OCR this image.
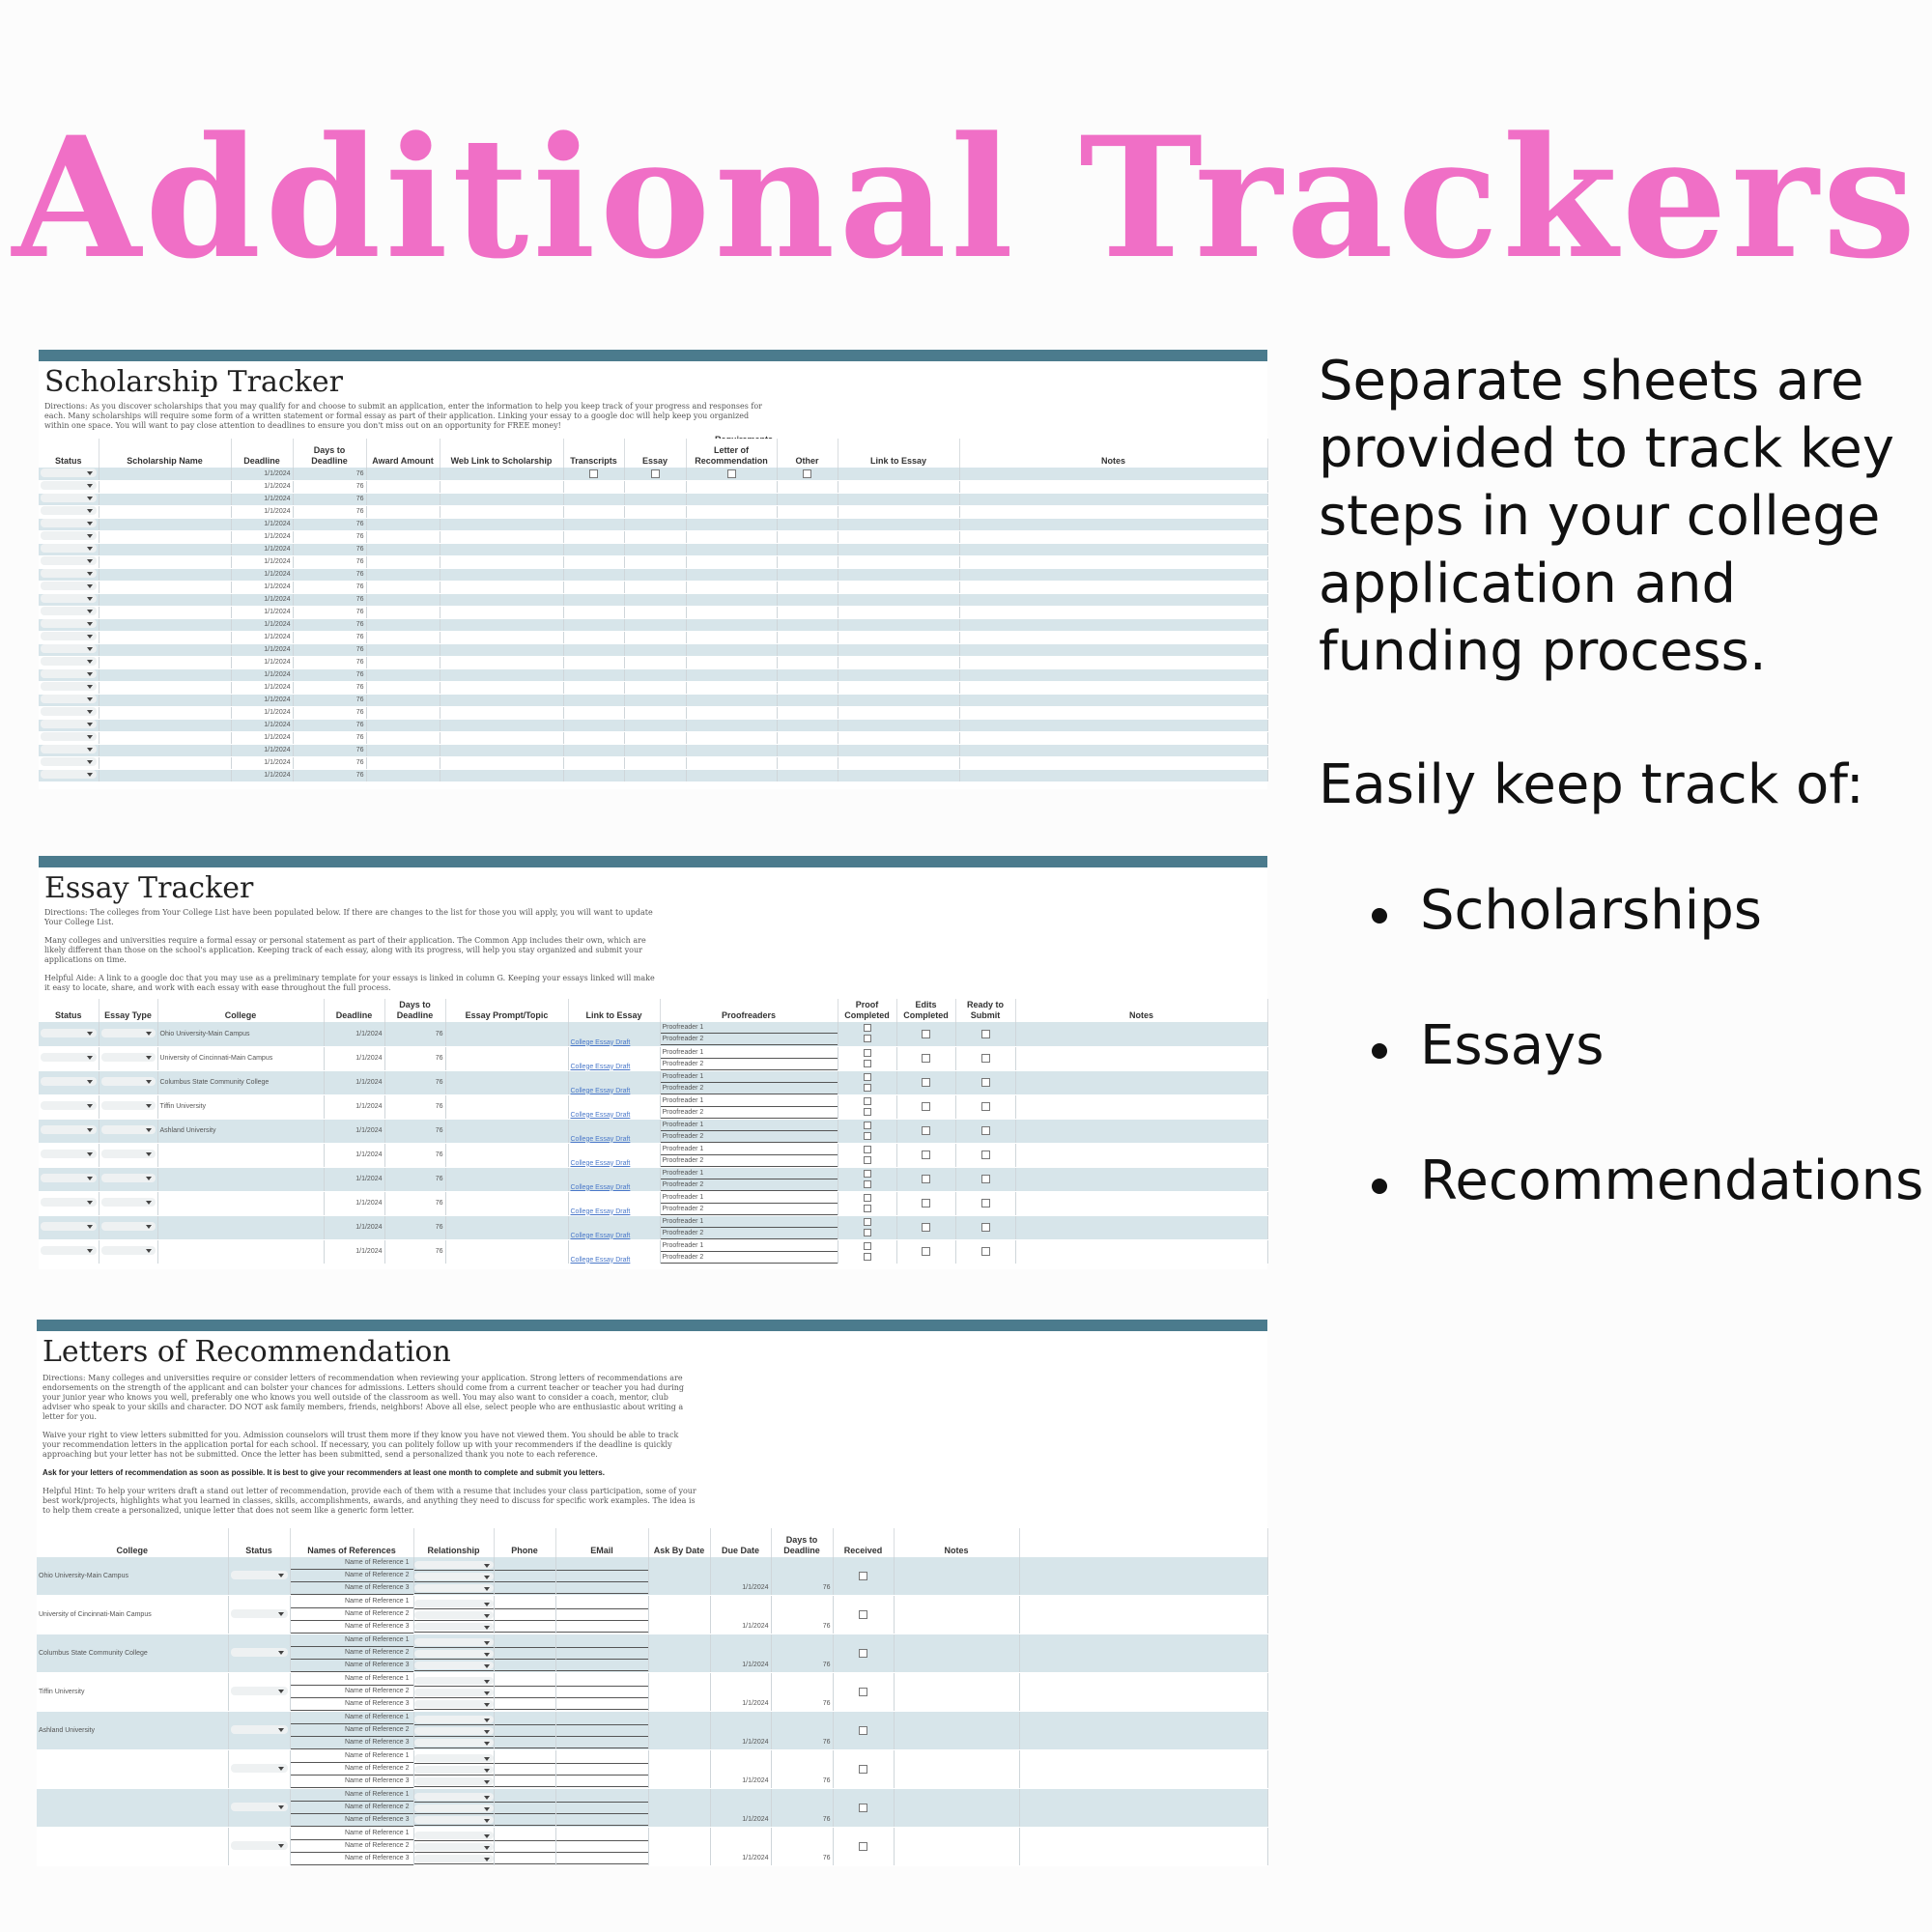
Additional Trackers
Scholarship Tracker
Directions: As you discover scholarships that you may qualify for and choose to submit an application, enter the information to help you keep track of your progress and responses for each. Many scholarships will require some form of a written statement or formal essay as part of their application. Linking your essay to a google doc will help keep you organized within one space. You will want to pay close attention to deadlines to ensure you don't miss out on an opportunity for FREE money!
Status	Scholarship Name	Deadline	Days to Deadline	Award Amount	Web Link to Scholarship	Transcripts	Essay	Letter of Recommendation	Other	Link to Essay	Notes
		1/1/2024	76								
		1/1/2024	76								
		1/1/2024	76								
		1/1/2024	76								
		1/1/2024	76								
		1/1/2024	76								
		1/1/2024	76								
		1/1/2024	76								
		1/1/2024	76								
		1/1/2024	76								
		1/1/2024	76								
		1/1/2024	76								
		1/1/2024	76								
		1/1/2024	76								
		1/1/2024	76								
		1/1/2024	76								
		1/1/2024	76								
		1/1/2024	76								
		1/1/2024	76								
		1/1/2024	76								
		1/1/2024	76								
		1/1/2024	76								
		1/1/2024	76								
		1/1/2024	76								
		1/1/2024	76								
Essay Tracker

Directions: The colleges from Your College List have been populated below. If there are changes to the list for those you will apply, you will want to update Your College List.

Many colleges and universities require a formal essay or personal statement as part of their application. The Common App includes their own, which are likely different than those on the school's application. Keeping track of each essay, along with its progress, will help you stay organized and submit your applications on time.

Helpful Aide: A link to a google doc that you may use as a preliminary template for your essays is linked in column G. Keeping your essays linked will make it easy to locate, share, and work with each essay with ease throughout the full process.

Status	Essay Type	College	Deadline	Days to Deadline	Essay Prompt/Topic	Link to Essay	Proofreaders	Proof Completed	Edits Completed	Ready to Submit	Notes
		Ohio University-Main Campus	1/1/2024	76		College Essay Draft	Proofreader 1
Proofreader 2				

		University of Cincinnati-Main Campus	1/1/2024	76		College Essay Draft	Proofreader 1
Proofreader 2				

		Columbus State Community College	1/1/2024	76		College Essay Draft	Proofreader 1
Proofreader 2				

		Tiffin University	1/1/2024	76		College Essay Draft	Proofreader 1
Proofreader 2				

		Ashland University	1/1/2024	76		College Essay Draft	Proofreader 1
Proofreader 2				

			1/1/2024	76		College Essay Draft	Proofreader 1
Proofreader 2				

			1/1/2024	76		College Essay Draft	Proofreader 1
Proofreader 2				

			1/1/2024	76		College Essay Draft	Proofreader 1
Proofreader 2				

			1/1/2024	76		College Essay Draft	Proofreader 1
Proofreader 2				

			1/1/2024	76		College Essay Draft	Proofreader 1
Proofreader 2				

Letters of Recommendation

Directions: Many colleges and universities require or consider letters of recommendation when reviewing your application. Strong letters of recommendations are endorsements on the strength of the applicant and can bolster your chances for admissions. Letters should come from a current teacher or teacher you had during your junior year who knows you well, preferably one who knows you well outside of the classroom as well. You may also want to consider a coach, mentor, club adviser who speak to your skills and character. DO NOT ask family members, friends, neighbors! Above all else, select people who are enthusiastic about writing a letter for you.

Waive your right to view letters submitted for you. Admission counselors will trust them more if they know you have not viewed them. You should be able to track your recommendation letters in the application portal for each school. If necessary, you can politely follow up with your recommenders if the deadline is quickly approaching but your letter has not be submitted. Once the letter has been submitted, send a personalized thank you note to each reference.

Ask for your letters of recommendation as soon as possible. It is best to give your recommenders at least one month to complete and submit you letters.

Helpful Hint: To help your writers draft a stand out letter of recommendation, provide each of them with a resume that includes your class participation, some of your best work/projects, highlights what you learned in classes, skills, accomplishments, awards, and anything they need to discuss for specific work examples. The idea is to help them create a personalized, unique letter that does not seem like a generic form letter.

College	Status	Names of References	Relationship	Phone	EMail	Ask By Date	Due Date	Days to Deadline	Received	Notes	
Ohio University-Main Campus		Name of Reference 1
Name of Reference 2
Name of Reference 3					1/1/2024	76			

University of Cincinnati-Main Campus		Name of Reference 1
Name of Reference 2
Name of Reference 3					1/1/2024	76			

Columbus State Community College		Name of Reference 1
Name of Reference 2
Name of Reference 3					1/1/2024	76			

Tiffin University		Name of Reference 1
Name of Reference 2
Name of Reference 3					1/1/2024	76			

Ashland University		Name of Reference 1
Name of Reference 2
Name of Reference 3					1/1/2024	76			

		Name of Reference 1
Name of Reference 2
Name of Reference 3					1/1/2024	76			

		Name of Reference 1
Name of Reference 2
Name of Reference 3					1/1/2024	76			

		Name of Reference 1
Name of Reference 2
Name of Reference 3					1/1/2024	76			

Separate sheets are provided to track key steps in your college application and funding process.
Easily keep track of:
Scholarships
Essays
Recommendations
